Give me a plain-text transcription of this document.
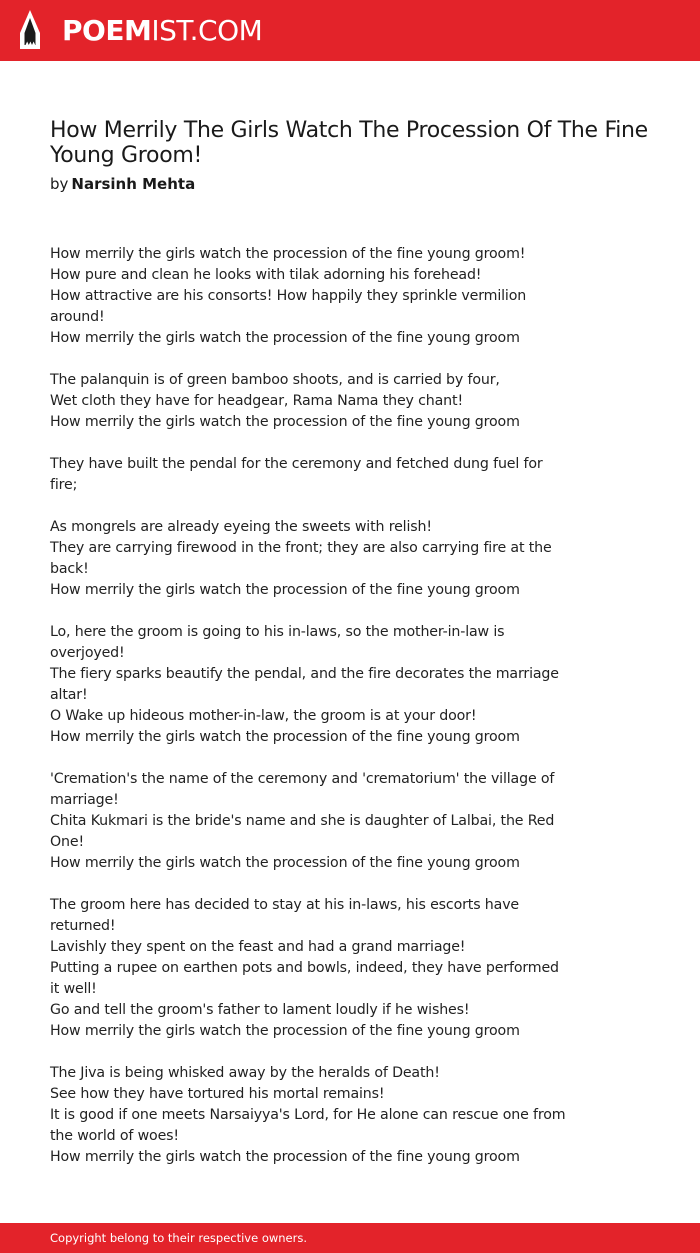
POEMIST.COM
How Merrily The Girls Watch The Procession Of The Fine Young Groom!
by Narsinh Mehta
How merrily the girls watch the procession of the fine young groom!
How pure and clean he looks with tilak adorning his forehead!
How attractive are his consorts! How happily they sprinkle vermilion around!
How merrily the girls watch the procession of the fine young groom
The palanquin is of green bamboo shoots, and is carried by four,
Wet cloth they have for headgear, Rama Nama they chant!
How merrily the girls watch the procession of the fine young groom
They have built the pendal for the ceremony and fetched dung fuel for fire;
As mongrels are already eyeing the sweets with relish!
They are carrying firewood in the front; they are also carrying fire at the back!
How merrily the girls watch the procession of the fine young groom
Lo, here the groom is going to his in-laws, so the mother-in-law is overjoyed!
The fiery sparks beautify the pendal, and the fire decorates the marriage altar!
O Wake up hideous mother-in-law, the groom is at your door!
How merrily the girls watch the procession of the fine young groom
'Cremation's the name of the ceremony and 'crematorium' the village of marriage!
Chita Kukmari is the bride's name and she is daughter of Lalbai, the Red One!
How merrily the girls watch the procession of the fine young groom
The groom here has decided to stay at his in-laws, his escorts have returned!
Lavishly they spent on the feast and had a grand marriage!
Putting a rupee on earthen pots and bowls, indeed, they have performed it well!
Go and tell the groom's father to lament loudly if he wishes!
How merrily the girls watch the procession of the fine young groom
The Jiva is being whisked away by the heralds of Death!
See how they have tortured his mortal remains!
It is good if one meets Narsaiyya's Lord, for He alone can rescue one from the world of woes!
How merrily the girls watch the procession of the fine young groom
Copyright belong to their respective owners.
